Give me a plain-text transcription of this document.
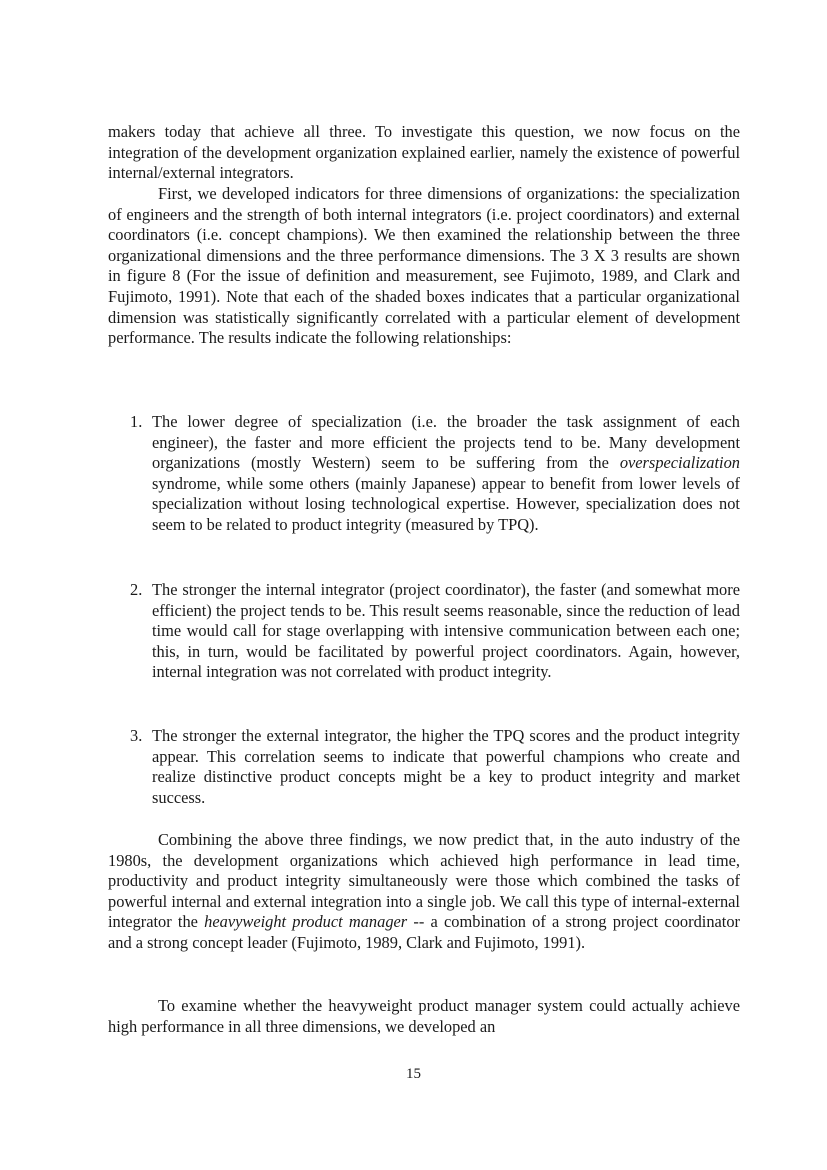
makers today that achieve all three. To investigate this question, we now focus on the integration of the development organization explained earlier, namely the existence of powerful internal/external integrators.

First, we developed indicators for three dimensions of organizations: the specialization of engineers and the strength of both internal integrators (i.e. project coordinators) and external coordinators (i.e. concept champions). We then examined the relationship between the three organizational dimensions and the three performance dimensions. The 3 X 3 results are shown in figure 8 (For the issue of definition and measurement, see Fujimoto, 1989, and Clark and Fujimoto, 1991). Note that each of the shaded boxes indicates that a particular organizational dimension was statistically significantly correlated with a particular element of development performance. The results indicate the following relationships:

1. The lower degree of specialization (i.e. the broader the task assignment of each engineer), the faster and more efficient the projects tend to be. Many development organizations (mostly Western) seem to be suffering from the overspecialization syndrome, while some others (mainly Japanese) appear to benefit from lower levels of specialization without losing technological expertise. However, specialization does not seem to be related to product integrity (measured by TPQ).
2. The stronger the internal integrator (project coordinator), the faster (and somewhat more efficient) the project tends to be. This result seems reasonable, since the reduction of lead time would call for stage overlapping with intensive communication between each one; this, in turn, would be facilitated by powerful project coordinators. Again, however, internal integration was not correlated with product integrity.
3. The stronger the external integrator, the higher the TPQ scores and the product integrity appear. This correlation seems to indicate that powerful champions who create and realize distinctive product concepts might be a key to product integrity and market success.

Combining the above three findings, we now predict that, in the auto industry of the 1980s, the development organizations which achieved high performance in lead time, productivity and product integrity simultaneously were those which combined the tasks of powerful internal and external integration into a single job. We call this type of internal-external integrator the heavyweight product manager -- a combination of a strong project coordinator and a strong concept leader (Fujimoto, 1989, Clark and Fujimoto, 1991).

To examine whether the heavyweight product manager system could actually achieve high performance in all three dimensions, we developed an

15
